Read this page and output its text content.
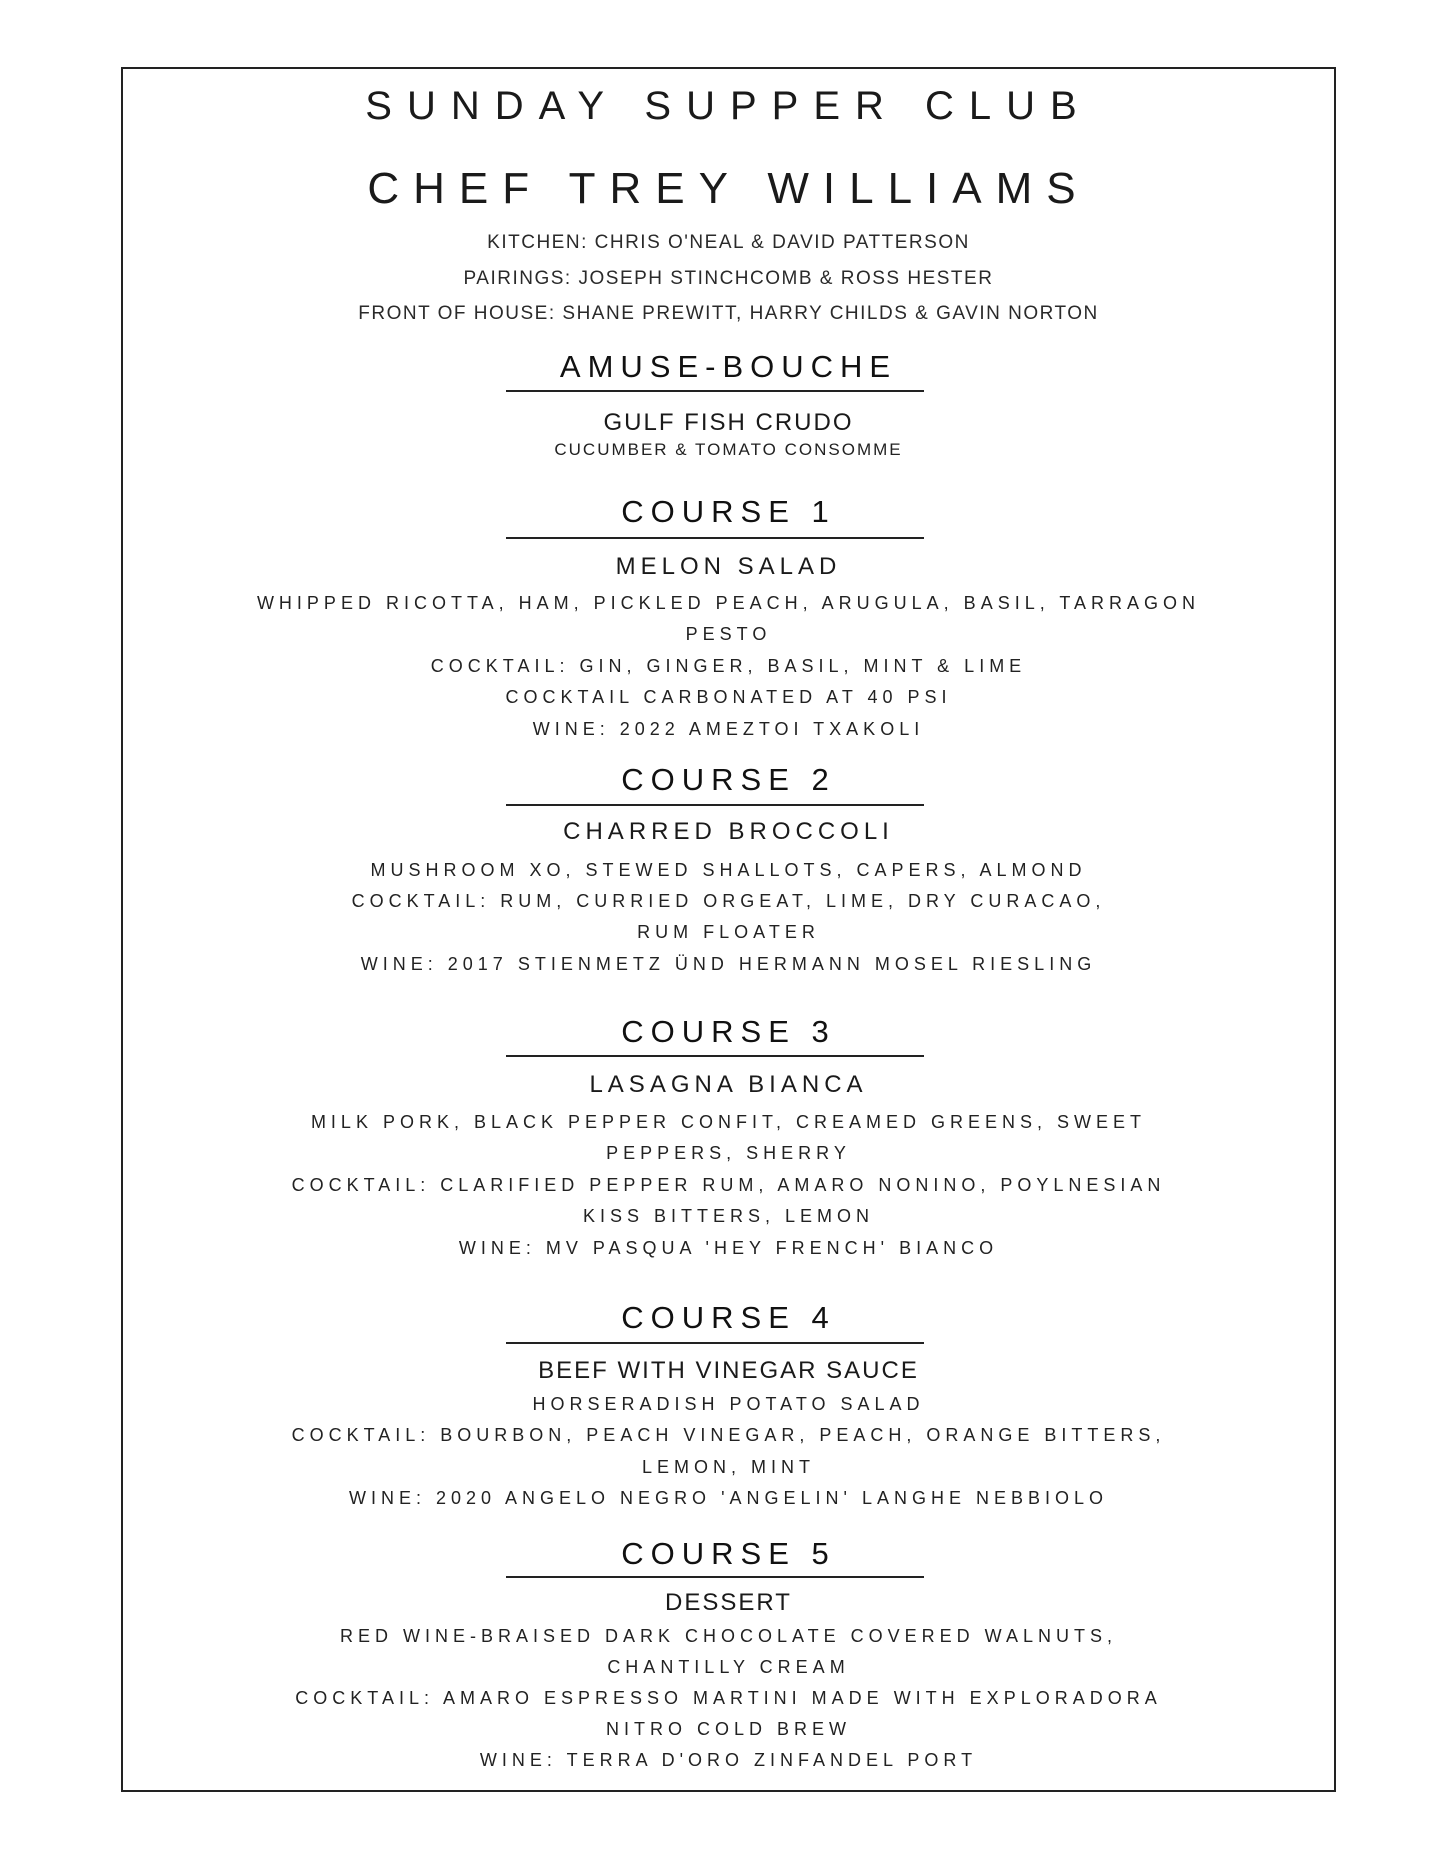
SUNDAY SUPPER CLUB
CHEF TREY WILLIAMS
KITCHEN: CHRIS O'NEAL & DAVID PATTERSON
PAIRINGS: JOSEPH STINCHCOMB & ROSS HESTER
FRONT OF HOUSE: SHANE PREWITT, HARRY CHILDS & GAVIN NORTON
AMUSE-BOUCHE
GULF FISH CRUDO
CUCUMBER & TOMATO CONSOMME
COURSE 1
MELON SALAD
WHIPPED RICOTTA, HAM, PICKLED PEACH, ARUGULA, BASIL, TARRAGON
PESTO
COCKTAIL: GIN, GINGER, BASIL, MINT & LIME
COCKTAIL CARBONATED AT 40 PSI
WINE: 2022 AMEZTOI TXAKOLI
COURSE 2
CHARRED BROCCOLI
MUSHROOM XO, STEWED SHALLOTS, CAPERS, ALMOND
COCKTAIL: RUM, CURRIED ORGEAT, LIME, DRY CURACAO,
RUM FLOATER
WINE: 2017 STIENMETZ ÜND HERMANN MOSEL RIESLING
COURSE 3
LASAGNA BIANCA
MILK PORK, BLACK PEPPER CONFIT, CREAMED GREENS, SWEET
PEPPERS, SHERRY
COCKTAIL: CLARIFIED PEPPER RUM, AMARO NONINO, POYLNESIAN
KISS BITTERS, LEMON
WINE: MV PASQUA 'HEY FRENCH' BIANCO
COURSE 4
BEEF WITH VINEGAR SAUCE
HORSERADISH POTATO SALAD
COCKTAIL: BOURBON, PEACH VINEGAR, PEACH, ORANGE BITTERS,
LEMON, MINT
WINE: 2020 ANGELO NEGRO 'ANGELIN' LANGHE NEBBIOLO
COURSE 5
DESSERT
RED WINE-BRAISED DARK CHOCOLATE COVERED WALNUTS,
CHANTILLY CREAM
COCKTAIL: AMARO ESPRESSO MARTINI MADE WITH EXPLORADORA
NITRO COLD BREW
WINE: TERRA D'ORO ZINFANDEL PORT
